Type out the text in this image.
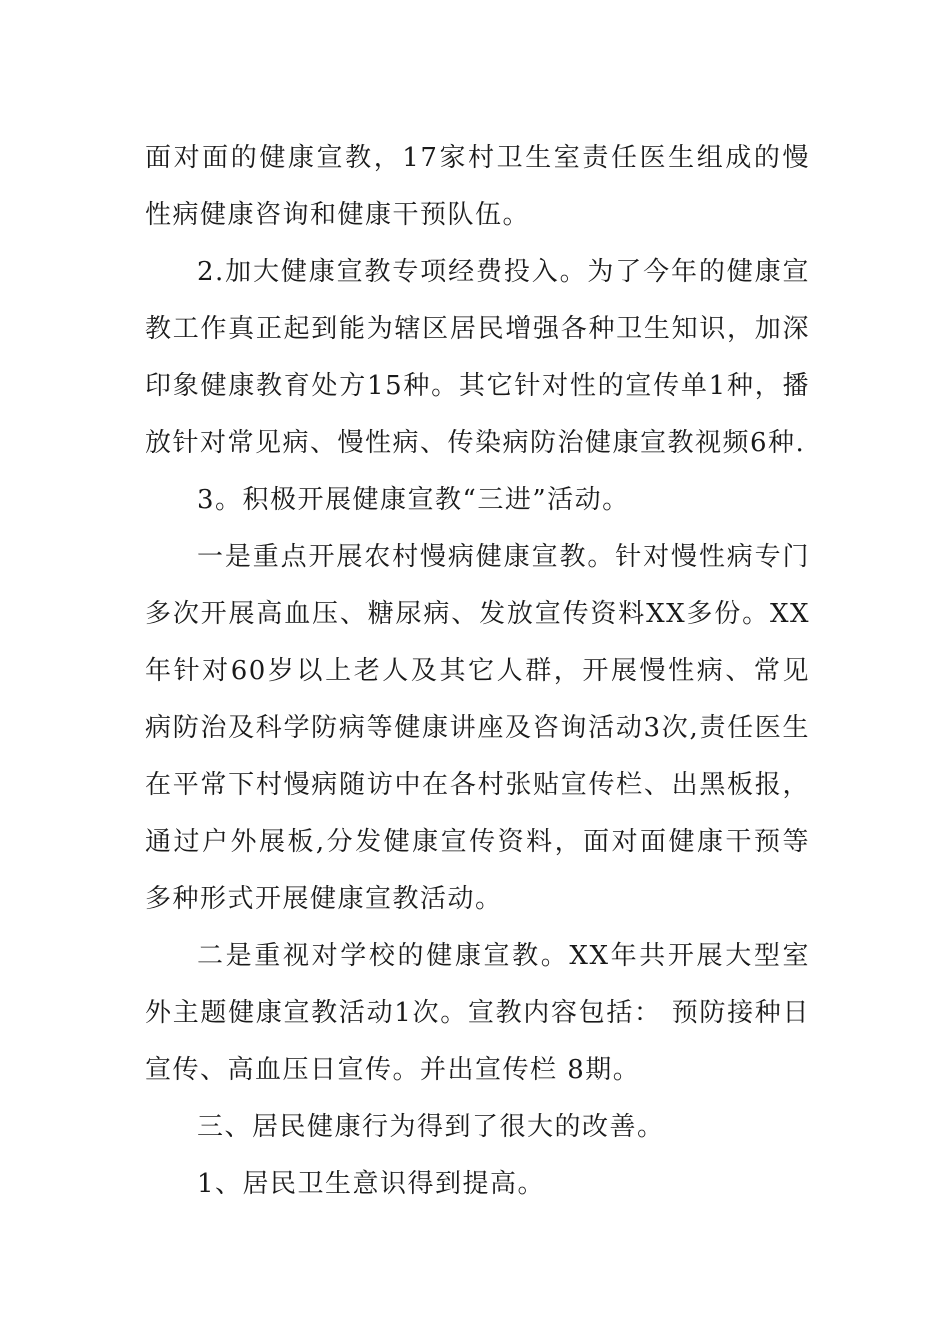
面对面的健康宣教，17家村卫生室责任医生组成的慢性病健康咨询和健康干预队伍。

2.加大健康宣教专项经费投入。为了今年的健康宣教工作真正起到能为辖区居民增强各种卫生知识，加深印象健康教育处方15种。其它针对性的宣传单1种，播放针对常见病、慢性病、传染病防治健康宣教视频6种.

3。积极开展健康宣教“三进”活动。

一是重点开展农村慢病健康宣教。针对慢性病专门多次开展高血压、糖尿病、发放宣传资料XX多份。XX年针对60岁以上老人及其它人群，开展慢性病、常见病防治及科学防病等健康讲座及咨询活动3次,责任医生在平常下村慢病随访中在各村张贴宣传栏、出黑板报，通过户外展板,分发健康宣传资料，面对面健康干预等多种形式开展健康宣教活动。

二是重视对学校的健康宣教。XX年共开展大型室外主题健康宣教活动1次。宣教内容包括： 预防接种日宣传、高血压日宣传。并出宣传栏 8期。

三、居民健康行为得到了很大的改善。

1、居民卫生意识得到提高。
